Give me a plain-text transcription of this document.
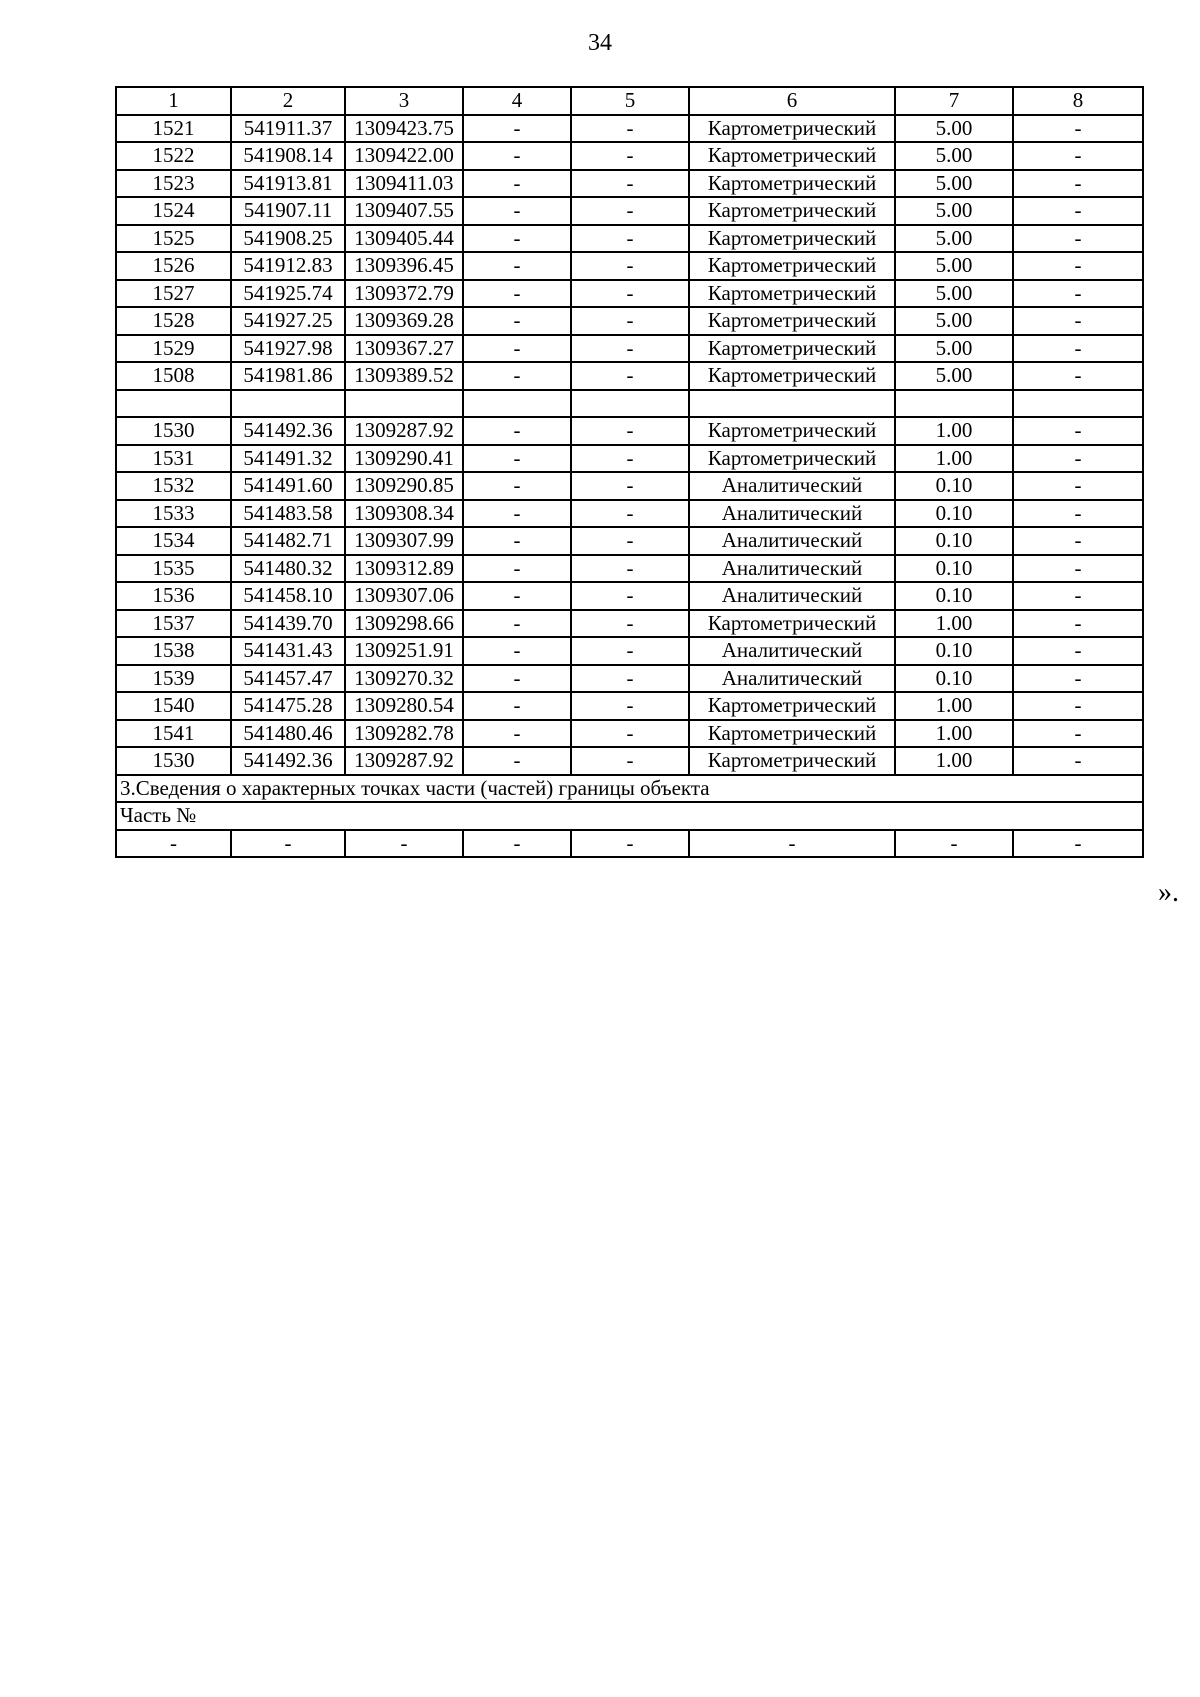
34
1	2	3	4	5	6	7	8
1521	541911.37	1309423.75	-	-	Картометрический	5.00	-
1522	541908.14	1309422.00	-	-	Картометрический	5.00	-
1523	541913.81	1309411.03	-	-	Картометрический	5.00	-
1524	541907.11	1309407.55	-	-	Картометрический	5.00	-
1525	541908.25	1309405.44	-	-	Картометрический	5.00	-
1526	541912.83	1309396.45	-	-	Картометрический	5.00	-
1527	541925.74	1309372.79	-	-	Картометрический	5.00	-
1528	541927.25	1309369.28	-	-	Картометрический	5.00	-
1529	541927.98	1309367.27	-	-	Картометрический	5.00	-
1508	541981.86	1309389.52	-	-	Картометрический	5.00	-

1530	541492.36	1309287.92	-	-	Картометрический	1.00	-
1531	541491.32	1309290.41	-	-	Картометрический	1.00	-
1532	541491.60	1309290.85	-	-	Аналитический	0.10	-
1533	541483.58	1309308.34	-	-	Аналитический	0.10	-
1534	541482.71	1309307.99	-	-	Аналитический	0.10	-
1535	541480.32	1309312.89	-	-	Аналитический	0.10	-
1536	541458.10	1309307.06	-	-	Аналитический	0.10	-
1537	541439.70	1309298.66	-	-	Картометрический	1.00	-
1538	541431.43	1309251.91	-	-	Аналитический	0.10	-
1539	541457.47	1309270.32	-	-	Аналитический	0.10	-
1540	541475.28	1309280.54	-	-	Картометрический	1.00	-
1541	541480.46	1309282.78	-	-	Картометрический	1.00	-
1530	541492.36	1309287.92	-	-	Картометрический	1.00	-
3.Сведения о характерных точках части (частей) границы объекта							
Часть №							
-	-	-	-	-	-	-	-
».
